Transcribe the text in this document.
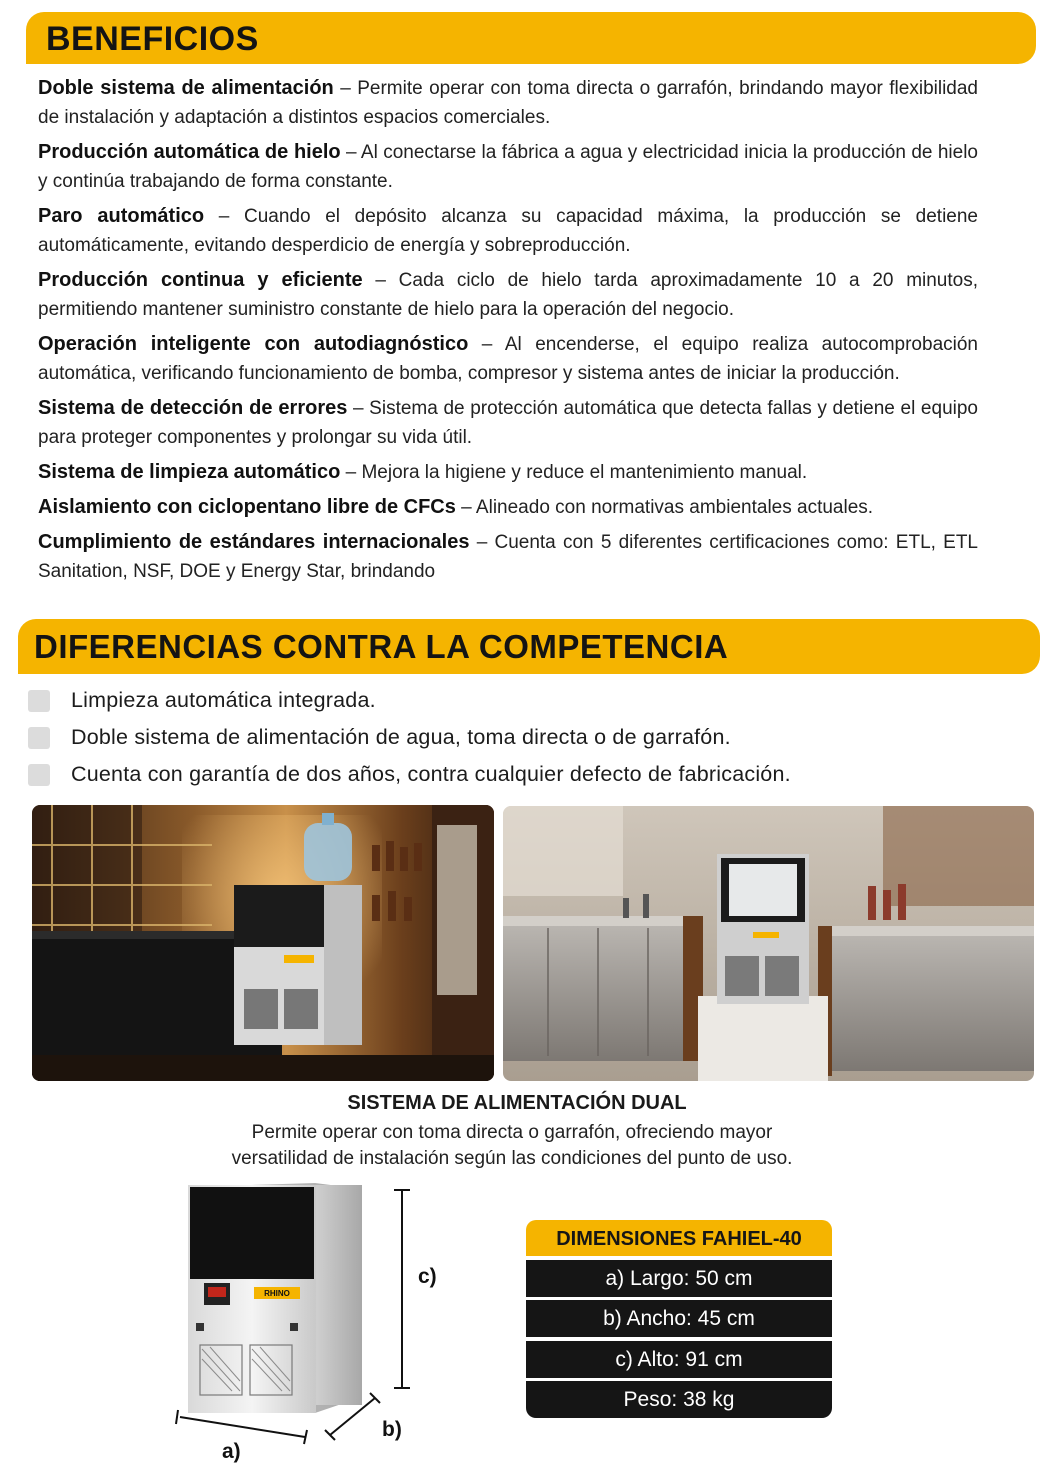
BENEFICIOS

Doble sistema de alimentación – Permite operar con toma directa o garrafón, brindando mayor flexibilidad de instalación y adaptación a distintos espacios comerciales.

Producción automática de hielo – Al conectarse la fábrica a agua y electricidad inicia la producción de hielo y continúa trabajando de forma constante.

Paro automático – Cuando el depósito alcanza su capacidad máxima, la producción se detiene automáticamente, evitando desperdicio de energía y sobreproducción.

Producción continua y eficiente – Cada ciclo de hielo tarda aproximadamente 10 a 20 minutos, permitiendo mantener suministro constante de hielo para la operación del negocio.

Operación inteligente con autodiagnóstico – Al encenderse, el equipo realiza autocomprobación automática, verificando funcionamiento de bomba, compresor y sistema antes de iniciar la producción.

Sistema de detección de errores – Sistema de protección automática que detecta fallas y detiene el equipo para proteger componentes y prolongar su vida útil.

Sistema de limpieza automático – Mejora la higiene y reduce el mantenimiento manual.

Aislamiento con ciclopentano libre de CFCs – Alineado con normativas ambientales actuales.

Cumplimiento de estándares internacionales – Cuenta con 5 diferentes certificaciones como: ETL, ETL Sanitation, NSF, DOE y Energy Star, brindando

DIFERENCIAS CONTRA LA COMPETENCIA
Limpieza automática integrada.
Doble sistema de alimentación de agua, toma directa o de garrafón.
Cuenta con garantía de dos años, contra cualquier defecto de fabricación.
SISTEMA DE ALIMENTACIÓN DUAL
Permite operar con toma directa o garrafón, ofreciendo mayor
versatilidad de instalación según las condiciones del punto de uso.
RHINO
c)
b)
a)
DIMENSIONES FAHIEL-40
a) Largo: 50 cm
b) Ancho: 45 cm
c) Alto: 91 cm
Peso: 38 kg
